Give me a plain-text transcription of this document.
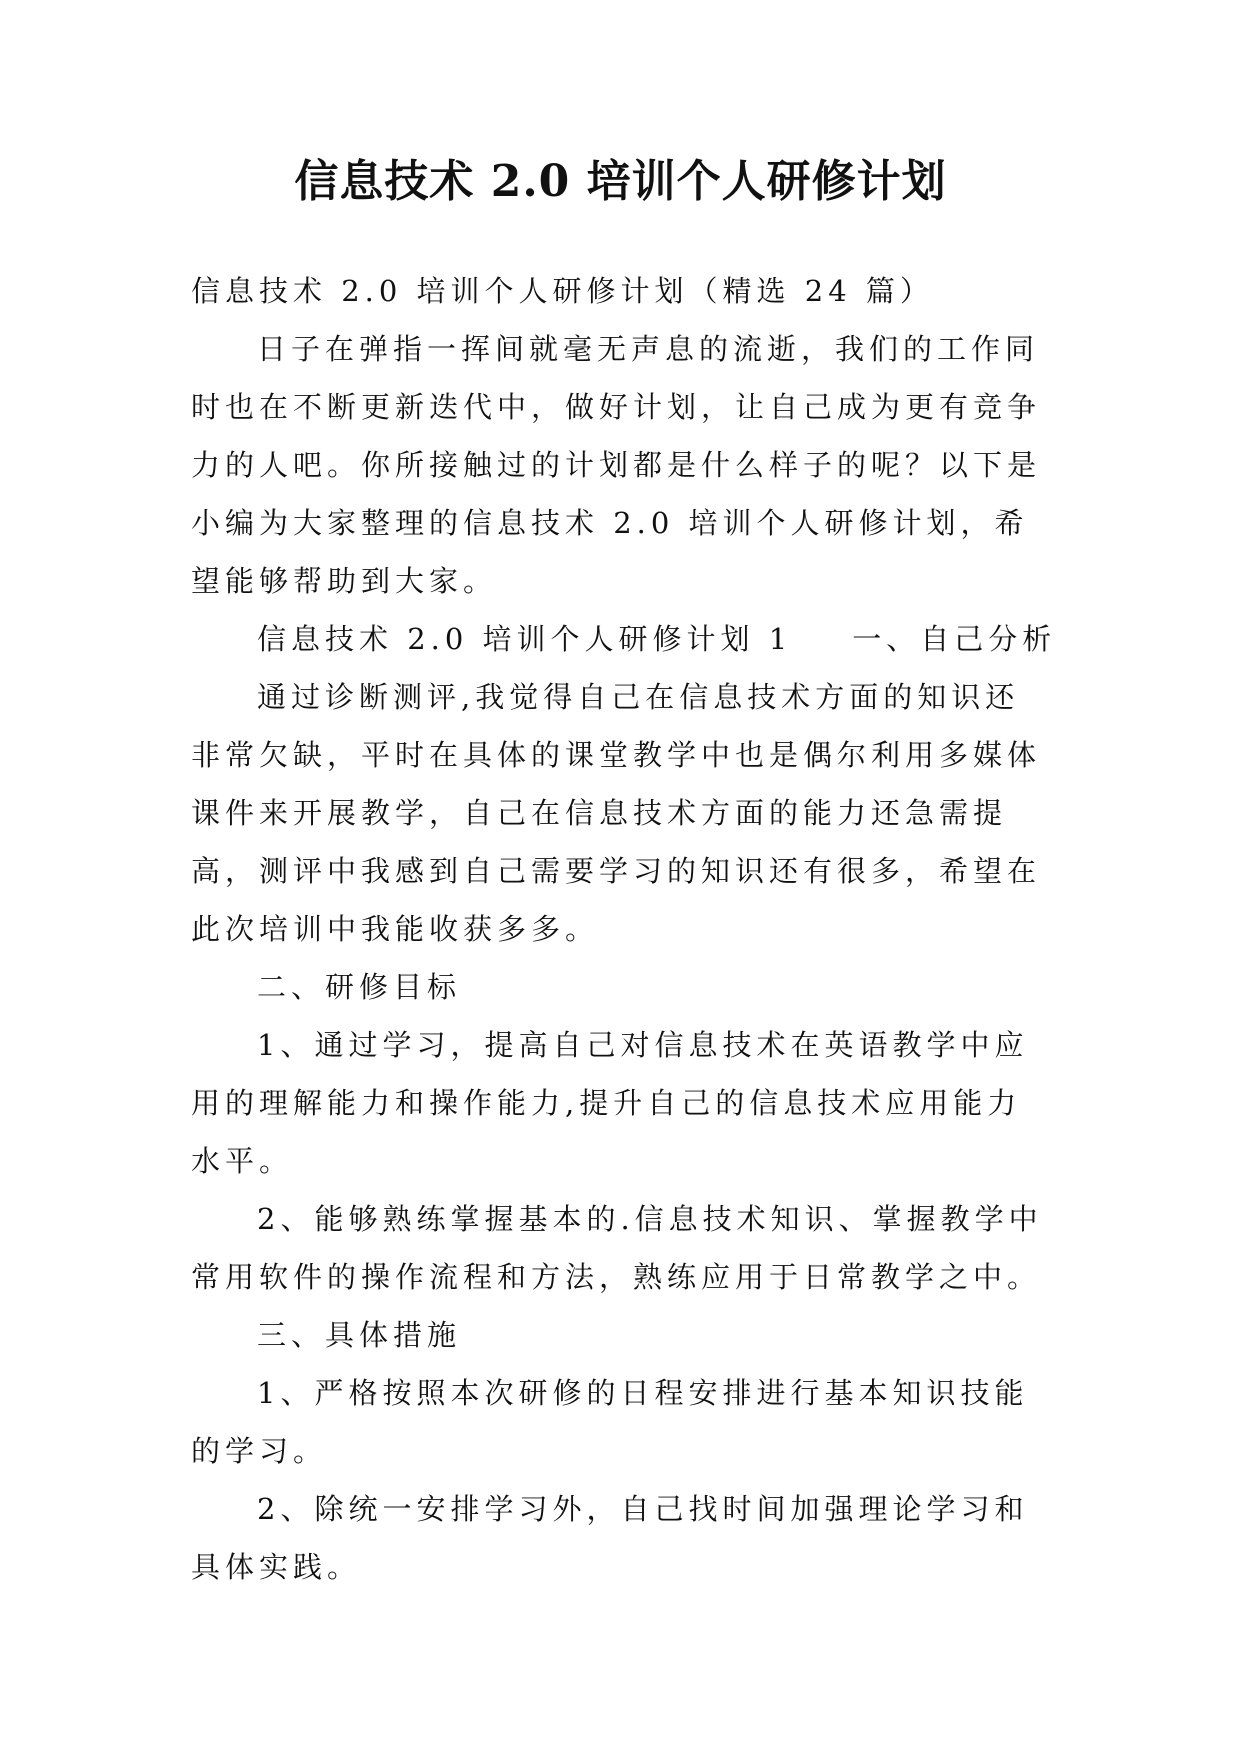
信息技术 2.0 培训个人研修计划

信息技术 2.0 培训个人研修计划（精选 24 篇）

日子在弹指一挥间就毫无声息的流逝，我们的工作同时也在不断更新迭代中，做好计划，让自己成为更有竞争力的人吧。你所接触过的计划都是什么样子的呢？以下是小编为大家整理的信息技术 2.0 培训个人研修计划，希望能够帮助到大家。

信息技术 2.0 培训个人研修计划 1 一、自己分析

通过诊断测评,我觉得自己在信息技术方面的知识还非常欠缺，平时在具体的课堂教学中也是偶尔利用多媒体课件来开展教学，自己在信息技术方面的能力还急需提高，测评中我感到自己需要学习的知识还有很多，希望在此次培训中我能收获多多。

二、研修目标

1、通过学习，提高自己对信息技术在英语教学中应用的理解能力和操作能力,提升自己的信息技术应用能力水平。

2、能够熟练掌握基本的.信息技术知识、掌握教学中常用软件的操作流程和方法，熟练应用于日常教学之中。

三、具体措施

1、严格按照本次研修的日程安排进行基本知识技能的学习。

2、除统一安排学习外，自己找时间加强理论学习和具体实践。
